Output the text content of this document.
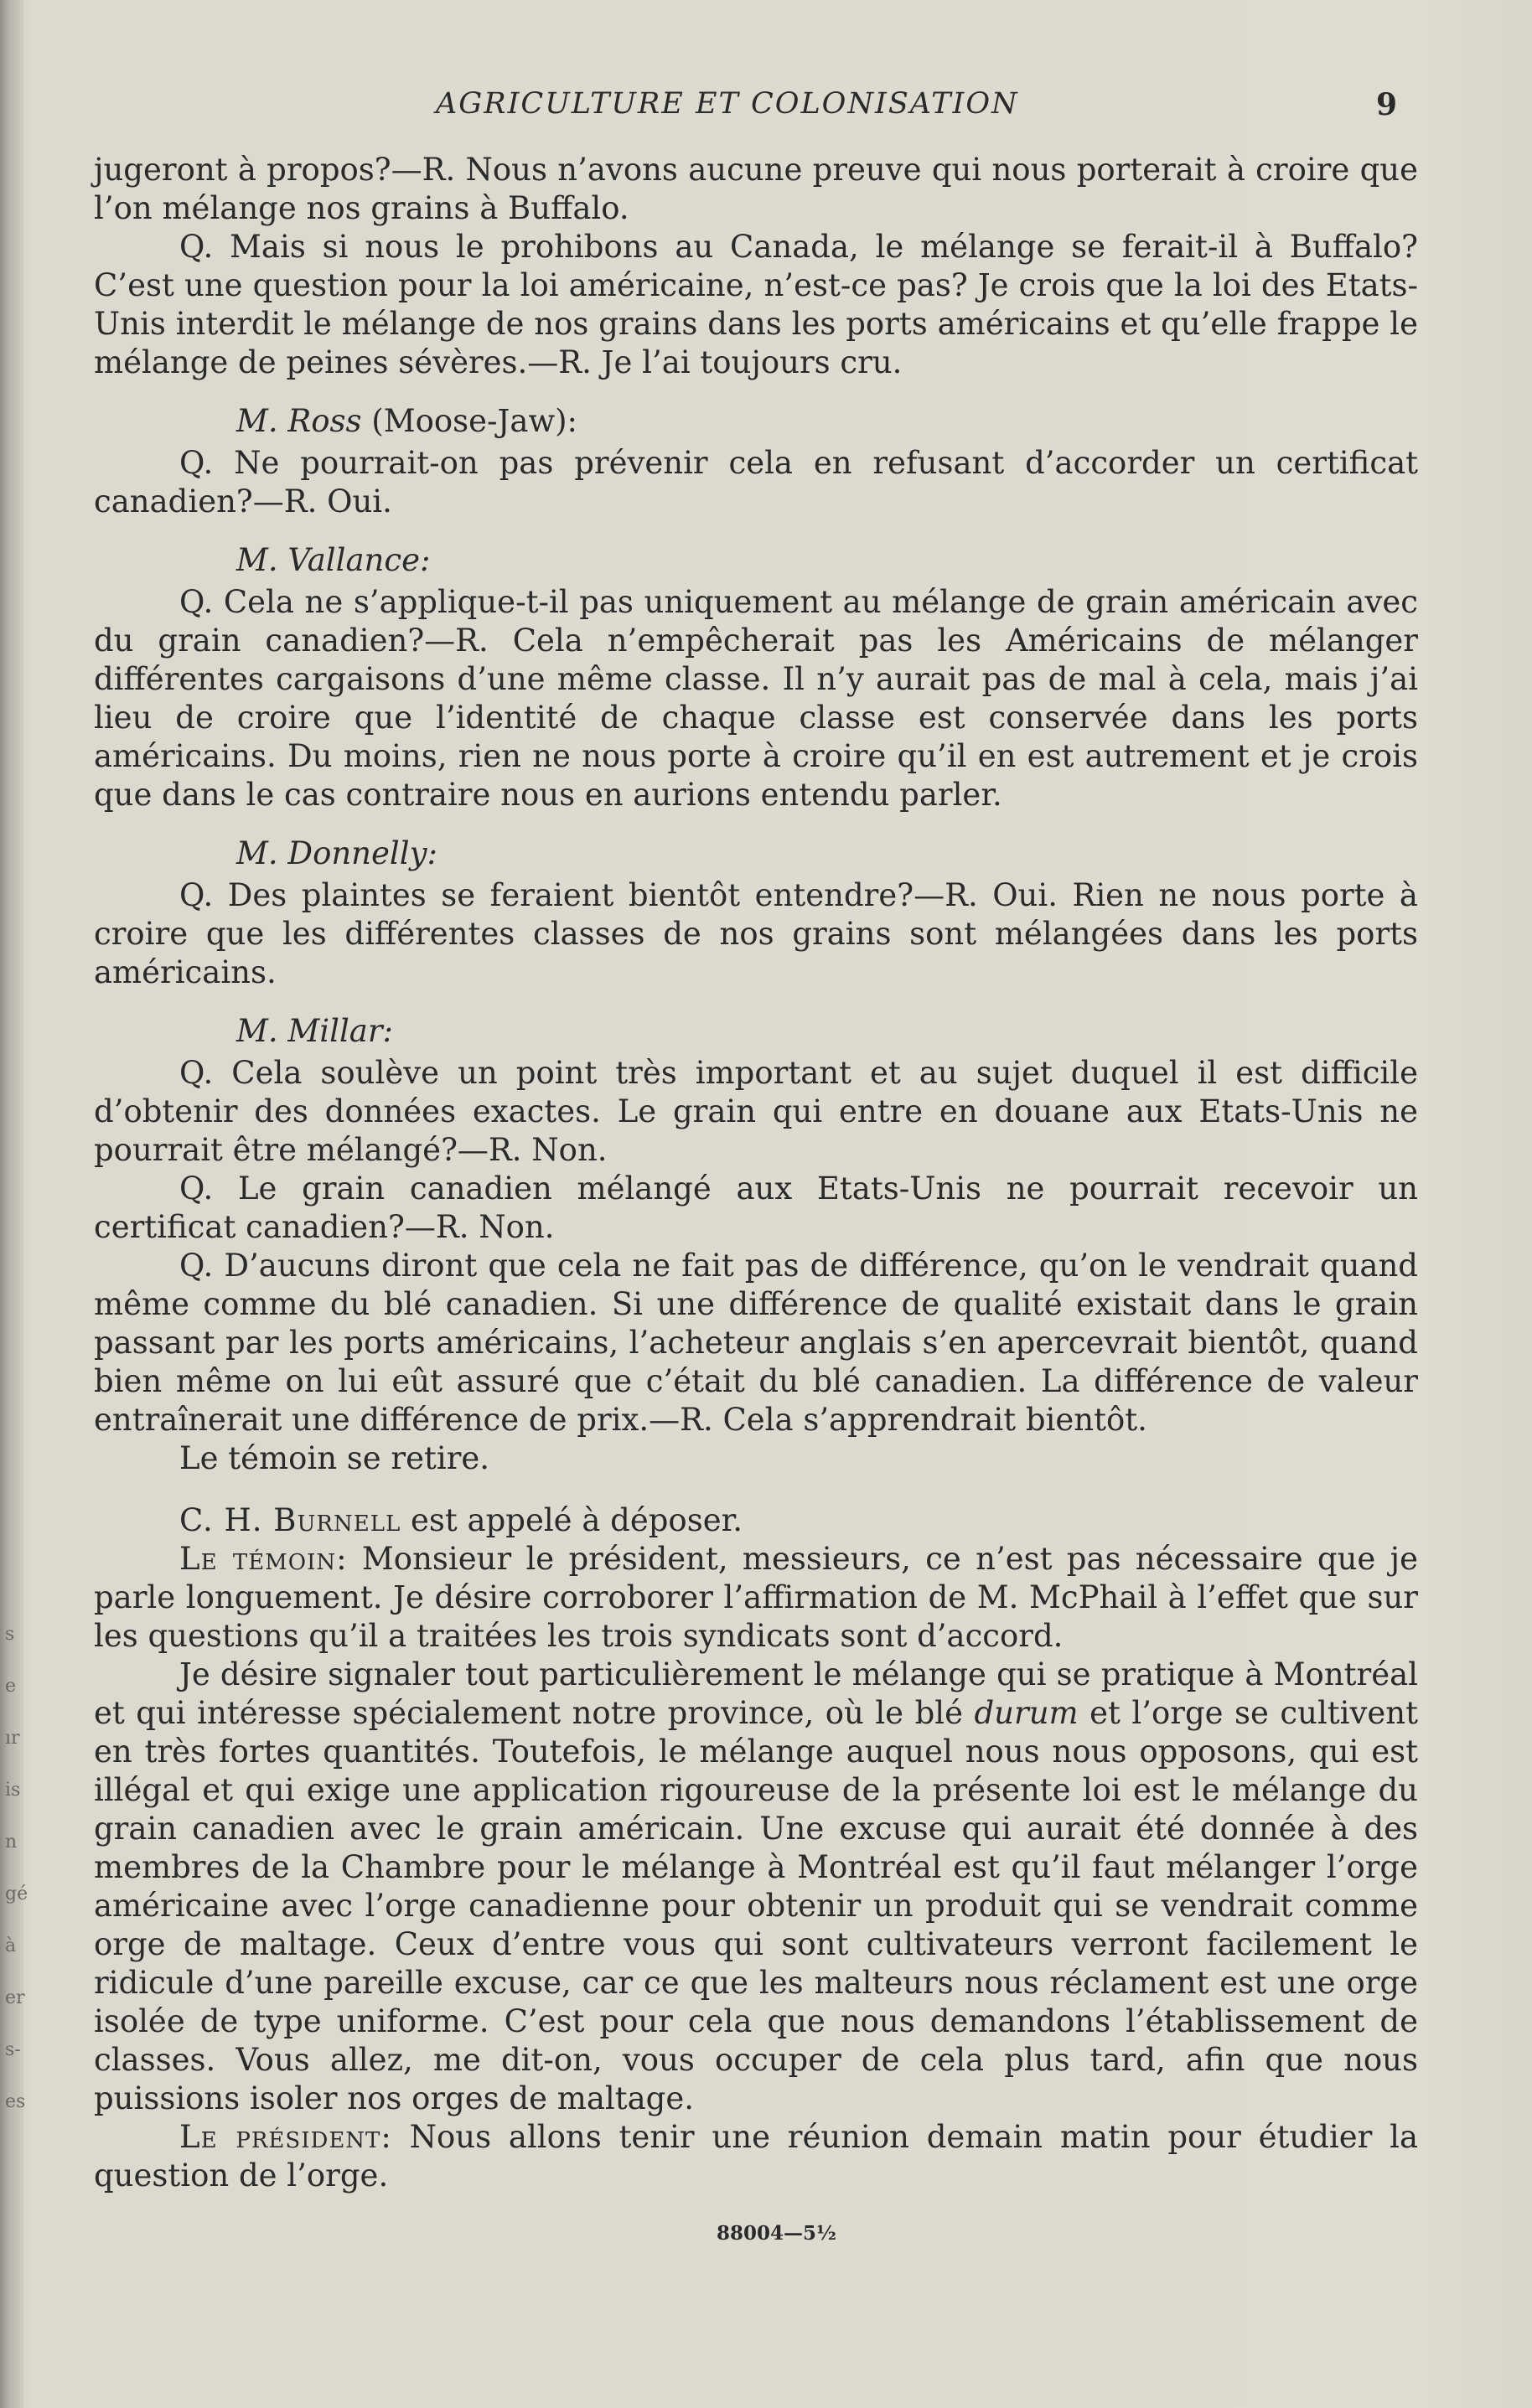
s
e
ır
is
n
gé
à
er
s-
es
AGRICULTURE ET COLONISATION	9

jugeront à propos?—R. Nous n’avons aucune preuve qui nous porterait à croire que l’on mélange nos grains à Buffalo.

Q. Mais si nous le prohibons au Canada, le mélange se ferait-il à Buffalo? C’est une question pour la loi américaine, n’est-ce pas? Je crois que la loi des Etats-Unis interdit le mélange de nos grains dans les ports américains et qu’elle frappe le mélange de peines sévères.—R. Je l’ai toujours cru.

M. Ross (Moose-Jaw):

Q. Ne pourrait-on pas prévenir cela en refusant d’accorder un certificat canadien?—R. Oui.

M. Vallance:

Q. Cela ne s’applique-t-il pas uniquement au mélange de grain américain avec du grain canadien?—R. Cela n’empêcherait pas les Américains de mélanger différentes cargaisons d’une même classe. Il n’y aurait pas de mal à cela, mais j’ai lieu de croire que l’identité de chaque classe est conservée dans les ports américains. Du moins, rien ne nous porte à croire qu’il en est autrement et je crois que dans le cas contraire nous en aurions entendu parler.

M. Donnelly:

Q. Des plaintes se feraient bientôt entendre?—R. Oui. Rien ne nous porte à croire que les différentes classes de nos grains sont mélangées dans les ports américains.

M. Millar:

Q. Cela soulève un point très important et au sujet duquel il est difficile d’obtenir des données exactes. Le grain qui entre en douane aux Etats-Unis ne pourrait être mélangé?—R. Non.

Q. Le grain canadien mélangé aux Etats-Unis ne pourrait recevoir un certificat canadien?—R. Non.

Q. D’aucuns diront que cela ne fait pas de différence, qu’on le vendrait quand même comme du blé canadien. Si une différence de qualité existait dans le grain passant par les ports américains, l’acheteur anglais s’en apercevrait bientôt, quand bien même on lui eût assuré que c’était du blé canadien. La différence de valeur entraînerait une différence de prix.—R. Cela s’apprendrait bientôt.

Le témoin se retire.

C. H. Burnell est appelé à déposer.

Le témoin: Monsieur le président, messieurs, ce n’est pas nécessaire que je parle longuement. Je désire corroborer l’affirmation de M. McPhail à l’effet que sur les questions qu’il a traitées les trois syndicats sont d’accord.

Je désire signaler tout particulièrement le mélange qui se pratique à Montréal et qui intéresse spécialement notre province, où le blé durum et l’orge se cultivent en très fortes quantités. Toutefois, le mélange auquel nous nous opposons, qui est illégal et qui exige une application rigoureuse de la présente loi est le mélange du grain canadien avec le grain américain. Une excuse qui aurait été donnée à des membres de la Chambre pour le mélange à Montréal est qu’il faut mélanger l’orge américaine avec l’orge canadienne pour obtenir un produit qui se vendrait comme orge de maltage. Ceux d’entre vous qui sont cultivateurs verront facilement le ridicule d’une pareille excuse, car ce que les malteurs nous réclament est une orge isolée de type uniforme. C’est pour cela que nous demandons l’établissement de classes. Vous allez, me dit-on, vous occuper de cela plus tard, afin que nous puissions isoler nos orges de maltage.

Le président: Nous allons tenir une réunion demain matin pour étudier la question de l’orge.

88004—5½
